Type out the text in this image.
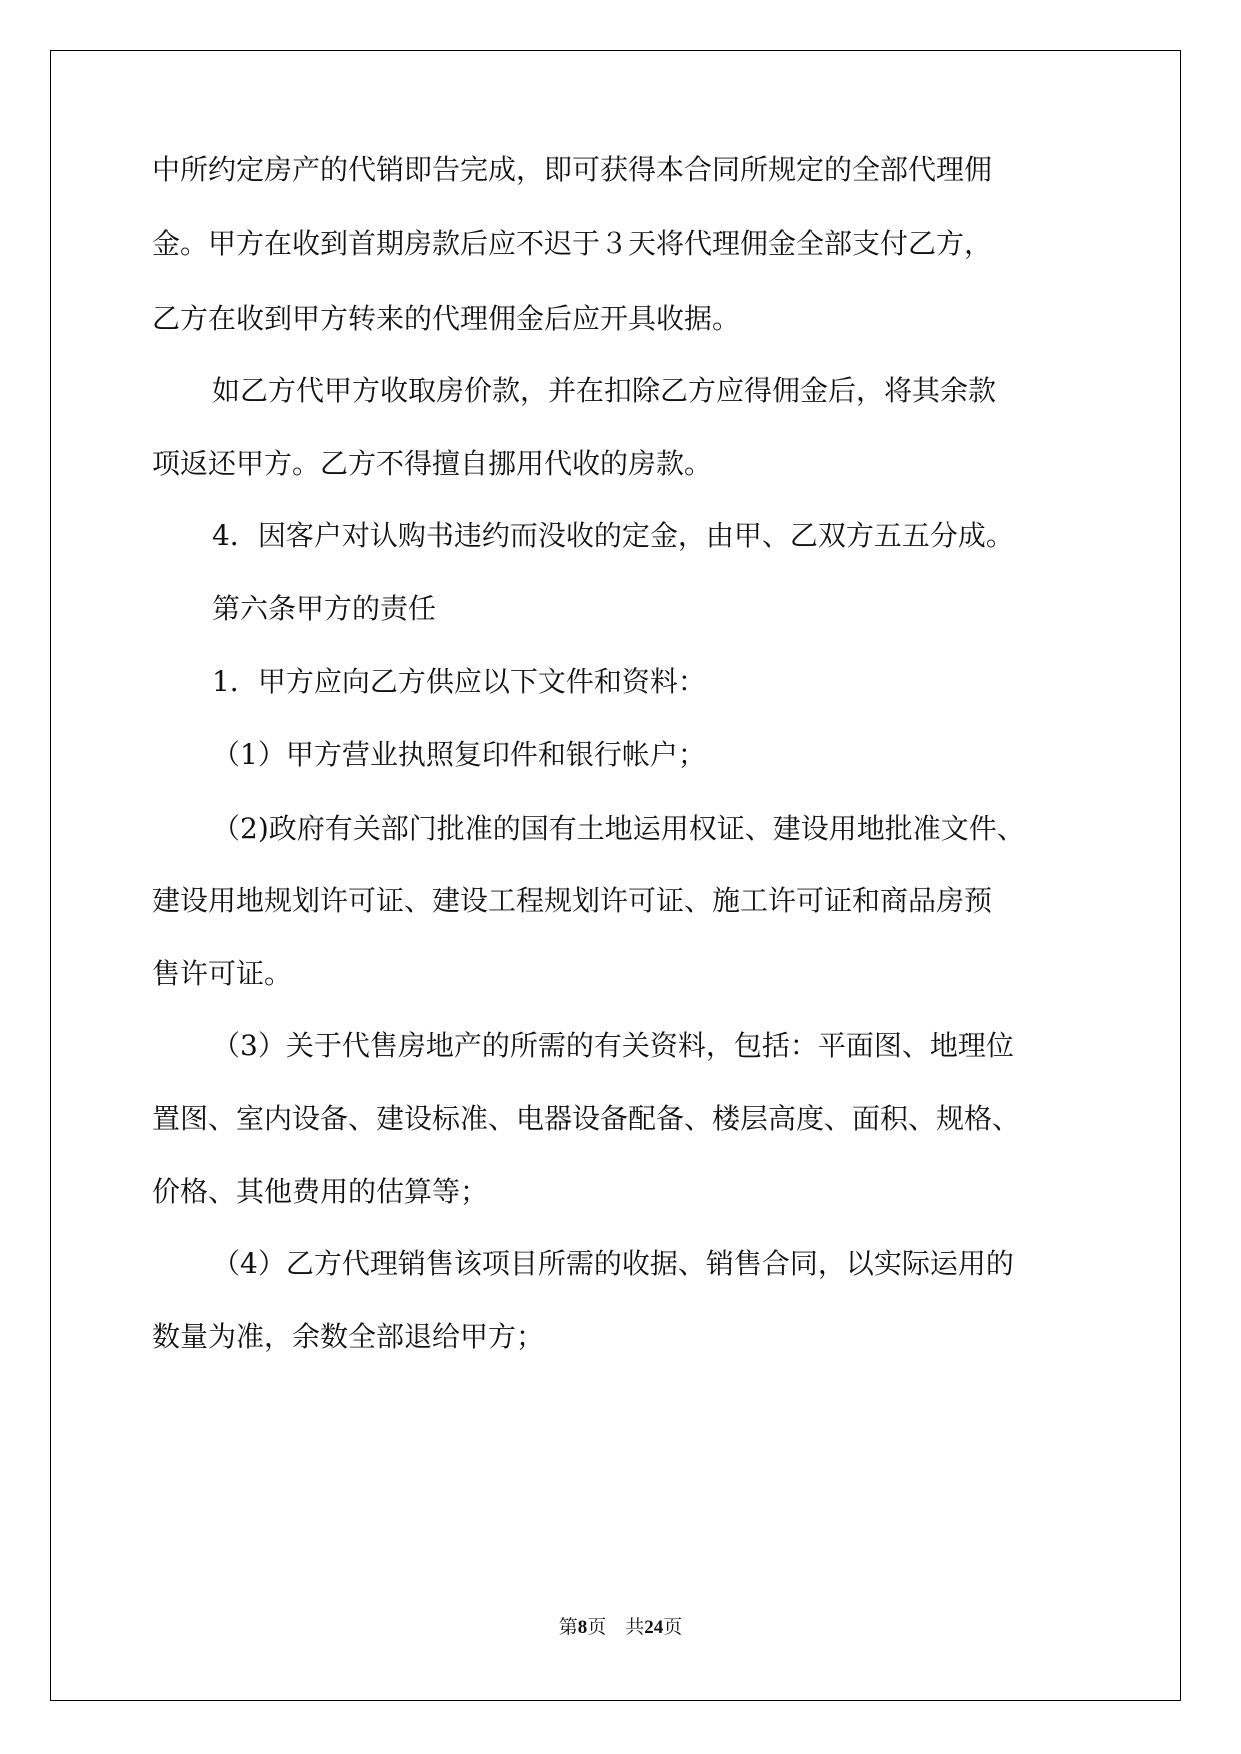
中所约定房产的代销即告完成，即可获得本合同所规定的全部代理佣
金。甲方在收到首期房款后应不迟于３天将代理佣金全部支付乙方，
乙方在收到甲方转来的代理佣金后应开具收据。
如乙方代甲方收取房价款，并在扣除乙方应得佣金后，将其余款
项返还甲方。乙方不得擅自挪用代收的房款。
4．因客户对认购书违约而没收的定金，由甲、乙双方五五分成。
第六条甲方的责任
1．甲方应向乙方供应以下文件和资料：
（1）甲方营业执照复印件和银行帐户；
（2)政府有关部门批准的国有土地运用权证、建设用地批准文件、
建设用地规划许可证、建设工程规划许可证、施工许可证和商品房预
售许可证。
（3）关于代售房地产的所需的有关资料，包括：平面图、地理位
置图、室内设备、建设标准、电器设备配备、楼层高度、面积、规格、
价格、其他费用的估算等；
（4）乙方代理销售该项目所需的收据、销售合同，以实际运用的
数量为准，余数全部退给甲方；
第8页　共24页
